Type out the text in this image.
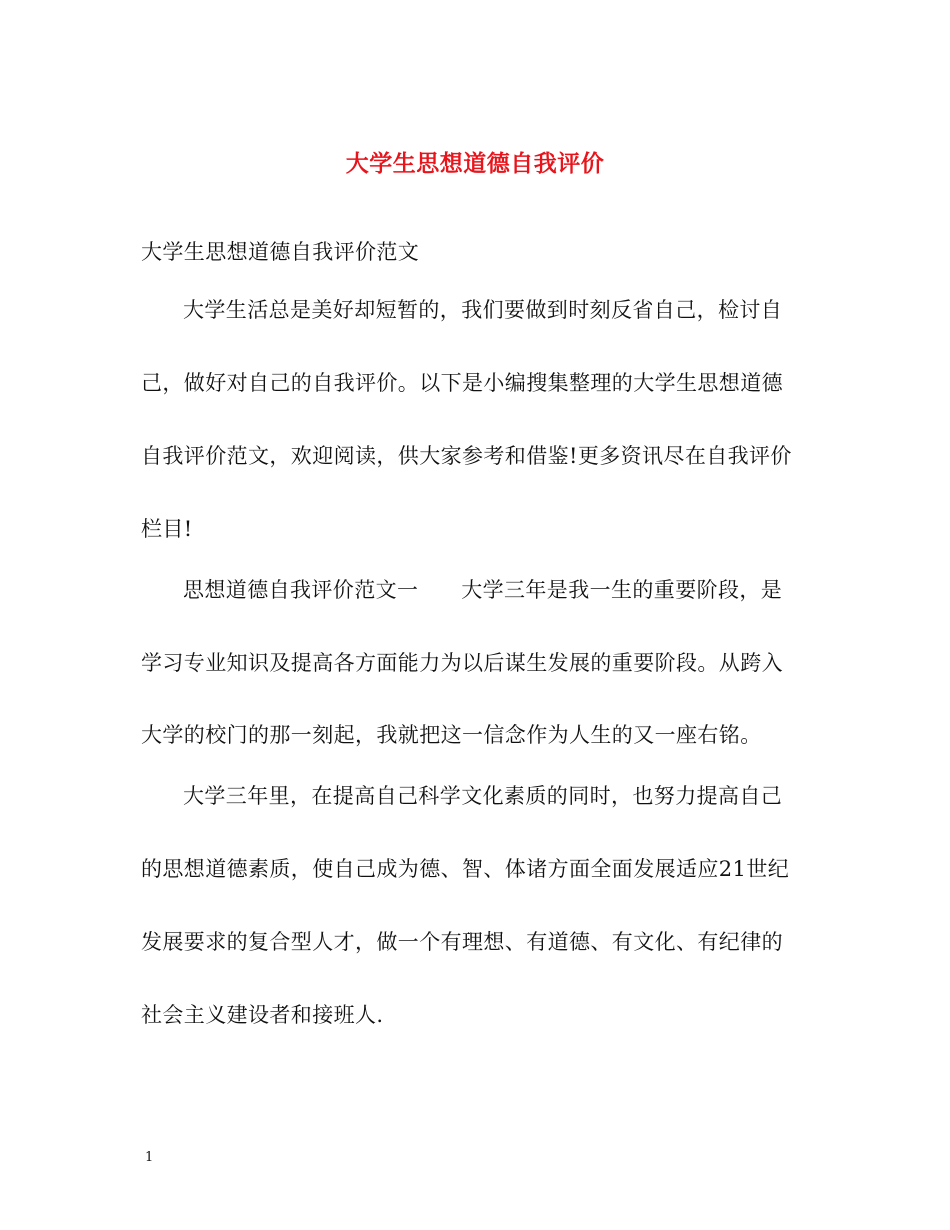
大学生思想道德自我评价
大学生思想道德自我评价范文
大学生活总是美好却短暂的，我们要做到时刻反省自己，检讨自
己，做好对自己的自我评价。以下是小编搜集整理的大学生思想道德
自我评价范文，欢迎阅读，供大家参考和借鉴!更多资讯尽在自我评价
栏目!
思想道德自我评价范文一　　大学三年是我一生的重要阶段，是
学习专业知识及提高各方面能力为以后谋生发展的重要阶段。从跨入
大学的校门的那一刻起，我就把这一信念作为人生的又一座右铭。
大学三年里，在提高自己科学文化素质的同时，也努力提高自己
的思想道德素质，使自己成为德、智、体诸方面全面发展适应21世纪
发展要求的复合型人才，做一个有理想、有道德、有文化、有纪律的
社会主义建设者和接班人.
1
